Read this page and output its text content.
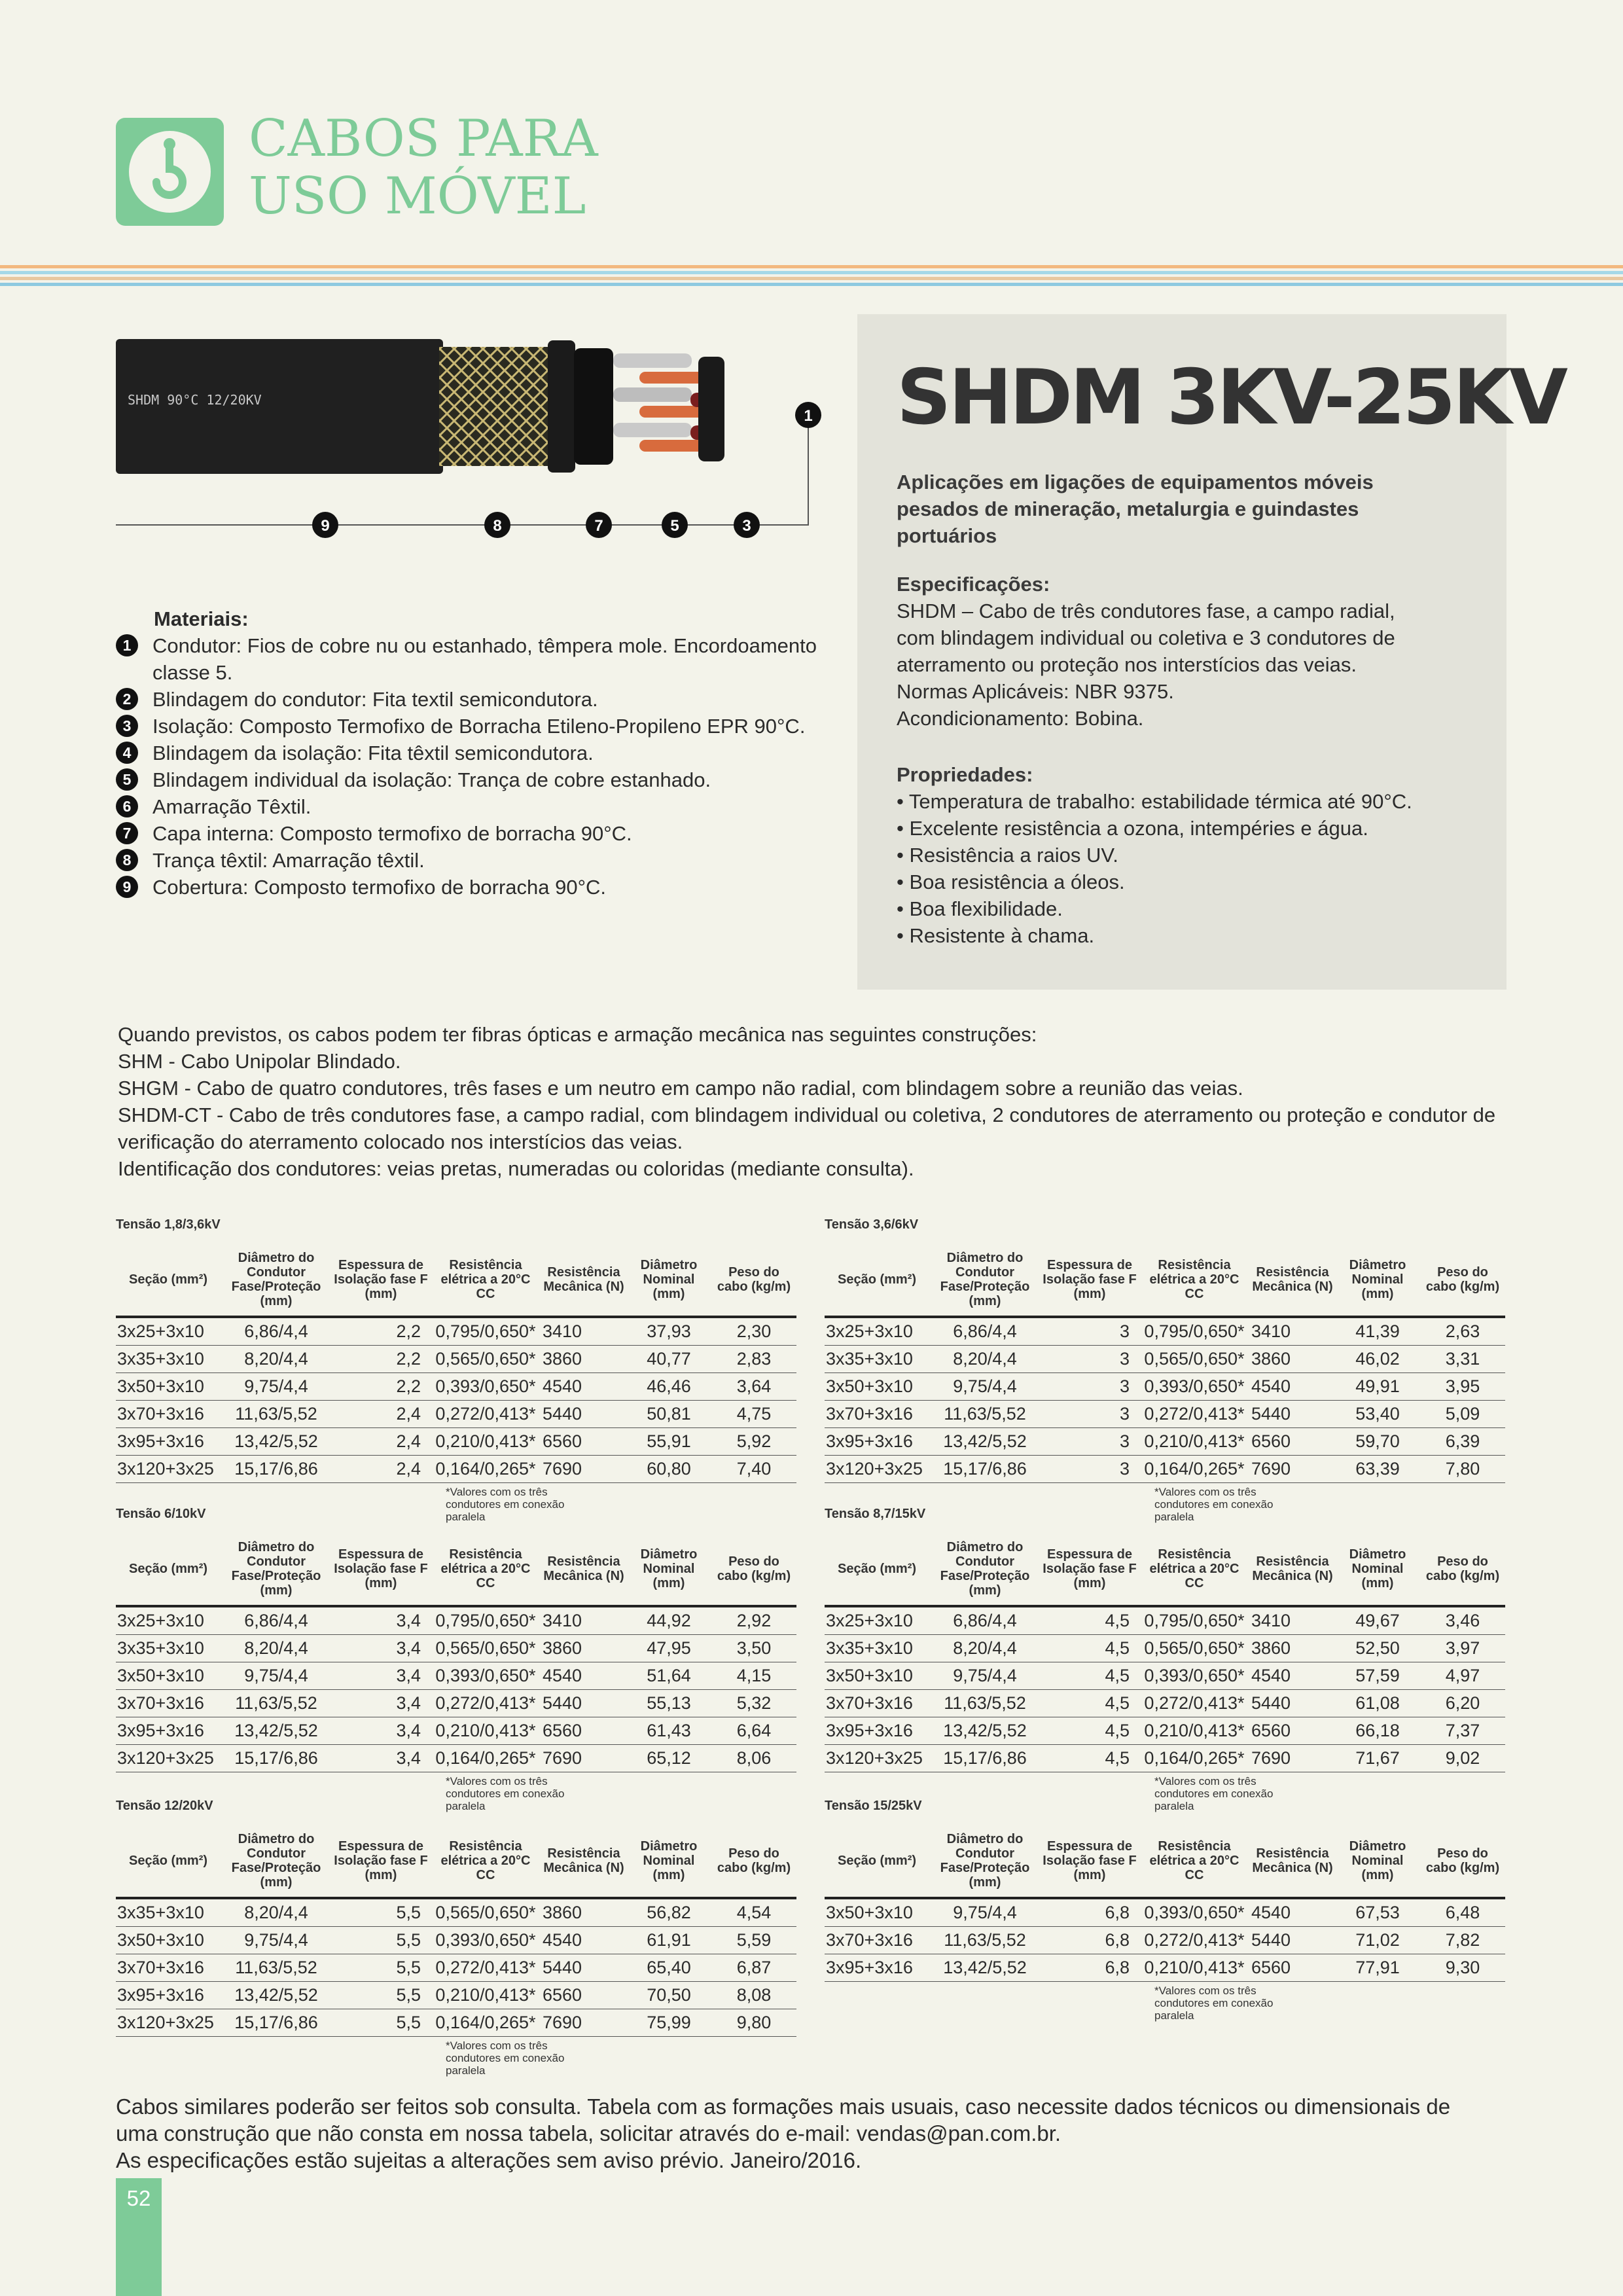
CABOS PARA
USO MÓVEL
SHDM 90°C 12/20KV
9	8	7	5	3
1 SHDM 3KV-25KV
Aplicações em ligações de equipamentos móveis pesados de mineração, metalurgia e guindastes portuários
Especificações:
SHDM – Cabo de três condutores fase, a campo radial,
com blindagem individual ou coletiva e 3 condutores de
aterramento ou proteção nos interstícios das veias.
Normas Aplicáveis: NBR 9375.
Acondicionamento: Bobina.
Propriedades:
• Temperatura de trabalho: estabilidade térmica até 90°C.
• Excelente resistência a ozona, intempéries e água.
• Resistência a raios UV.
• Boa resistência a óleos.
• Boa flexibilidade.
• Resistente à chama.
Materiais:
1	Condutor: Fios de cobre nu ou estanhado, têmpera mole. Encordoamento classe 5.
2	Blindagem do condutor: Fita textil semicondutora.
3	Isolação: Composto Termofixo de Borracha Etileno-Propileno EPR 90°C.
4	Blindagem da isolação: Fita têxtil semicondutora.
5	Blindagem individual da isolação: Trança de cobre estanhado.
6	Amarração Têxtil.
7	Capa interna: Composto termofixo de borracha 90°C.
8	Trança têxtil: Amarração têxtil.
9	Cobertura: Composto termofixo de borracha 90°C.
Quando previstos, os cabos podem ter fibras ópticas e armação mecânica nas seguintes construções:
SHM - Cabo Unipolar Blindado.
SHGM - Cabo de quatro condutores, três fases e um neutro em campo não radial, com blindagem sobre a reunião das veias.
SHDM-CT - Cabo de três condutores fase, a campo radial, com blindagem individual ou coletiva, 2 condutores de aterramento ou proteção e condutor de verificação do aterramento colocado nos interstícios das veias.
Identificação dos condutores: veias pretas, numeradas ou coloridas (mediante consulta).
Tensão 1,8/3,6kV
Seção (mm²)	Diâmetro do Condutor Fase/Proteção (mm)	Espessura de Isolação fase F (mm)	Resistência elétrica a 20°C CC	Resistência Mecânica (N)	Diâmetro Nominal (mm)	Peso do cabo (kg/m)
3x25+3x10	6,86/4,4	2,2	0,795/0,650*	3410	37,93	2,30
3x35+3x10	8,20/4,4	2,2	0,565/0,650*	3860	40,77	2,83
3x50+3x10	9,75/4,4	2,2	0,393/0,650*	4540	46,46	3,64
3x70+3x16	11,63/5,52	2,4	0,272/0,413*	5440	50,81	4,75
3x95+3x16	13,42/5,52	2,4	0,210/0,413*	6560	55,91	5,92
3x120+3x25	15,17/6,86	2,4	0,164/0,265*	7690	60,80	7,40
*Valores com os três condutores em conexão paralela
Tensão 3,6/6kV
Seção (mm²)	Diâmetro do Condutor Fase/Proteção (mm)	Espessura de Isolação fase F (mm)	Resistência elétrica a 20°C CC	Resistência Mecânica (N)	Diâmetro Nominal (mm)	Peso do cabo (kg/m)
3x25+3x10	6,86/4,4	3	0,795/0,650*	3410	41,39	2,63
3x35+3x10	8,20/4,4	3	0,565/0,650*	3860	46,02	3,31
3x50+3x10	9,75/4,4	3	0,393/0,650*	4540	49,91	3,95
3x70+3x16	11,63/5,52	3	0,272/0,413*	5440	53,40	5,09
3x95+3x16	13,42/5,52	3	0,210/0,413*	6560	59,70	6,39
3x120+3x25	15,17/6,86	3	0,164/0,265*	7690	63,39	7,80
*Valores com os três condutores em conexão paralela
Tensão 6/10kV
Seção (mm²)	Diâmetro do Condutor Fase/Proteção (mm)	Espessura de Isolação fase F (mm)	Resistência elétrica a 20°C CC	Resistência Mecânica (N)	Diâmetro Nominal (mm)	Peso do cabo (kg/m)
3x25+3x10	6,86/4,4	3,4	0,795/0,650*	3410	44,92	2,92
3x35+3x10	8,20/4,4	3,4	0,565/0,650*	3860	47,95	3,50
3x50+3x10	9,75/4,4	3,4	0,393/0,650*	4540	51,64	4,15
3x70+3x16	11,63/5,52	3,4	0,272/0,413*	5440	55,13	5,32
3x95+3x16	13,42/5,52	3,4	0,210/0,413*	6560	61,43	6,64
3x120+3x25	15,17/6,86	3,4	0,164/0,265*	7690	65,12	8,06
*Valores com os três condutores em conexão paralela
Tensão 8,7/15kV
Seção (mm²)	Diâmetro do Condutor Fase/Proteção (mm)	Espessura de Isolação fase F (mm)	Resistência elétrica a 20°C CC	Resistência Mecânica (N)	Diâmetro Nominal (mm)	Peso do cabo (kg/m)
3x25+3x10	6,86/4,4	4,5	0,795/0,650*	3410	49,67	3,46
3x35+3x10	8,20/4,4	4,5	0,565/0,650*	3860	52,50	3,97
3x50+3x10	9,75/4,4	4,5	0,393/0,650*	4540	57,59	4,97
3x70+3x16	11,63/5,52	4,5	0,272/0,413*	5440	61,08	6,20
3x95+3x16	13,42/5,52	4,5	0,210/0,413*	6560	66,18	7,37
3x120+3x25	15,17/6,86	4,5	0,164/0,265*	7690	71,67	9,02
*Valores com os três condutores em conexão paralela
Tensão 12/20kV
Seção (mm²)	Diâmetro do Condutor Fase/Proteção (mm)	Espessura de Isolação fase F (mm)	Resistência elétrica a 20°C CC	Resistência Mecânica (N)	Diâmetro Nominal (mm)	Peso do cabo (kg/m)
3x35+3x10	8,20/4,4	5,5	0,565/0,650*	3860	56,82	4,54
3x50+3x10	9,75/4,4	5,5	0,393/0,650*	4540	61,91	5,59
3x70+3x16	11,63/5,52	5,5	0,272/0,413*	5440	65,40	6,87
3x95+3x16	13,42/5,52	5,5	0,210/0,413*	6560	70,50	8,08
3x120+3x25	15,17/6,86	5,5	0,164/0,265*	7690	75,99	9,80
*Valores com os três condutores em conexão paralela
Tensão 15/25kV
Seção (mm²)	Diâmetro do Condutor Fase/Proteção (mm)	Espessura de Isolação fase F (mm)	Resistência elétrica a 20°C CC	Resistência Mecânica (N)	Diâmetro Nominal (mm)	Peso do cabo (kg/m)
3x50+3x10	9,75/4,4	6,8	0,393/0,650*	4540	67,53	6,48
3x70+3x16	11,63/5,52	6,8	0,272/0,413*	5440	71,02	7,82
3x95+3x16	13,42/5,52	6,8	0,210/0,413*	6560	77,91	9,30
*Valores com os três condutores em conexão paralela
Cabos similares poderão ser feitos sob consulta. Tabela com as formações mais usuais, caso necessite dados técnicos ou dimensionais de
uma construção que não consta em nossa tabela, solicitar através do e-mail: vendas@pan.com.br.
As especificações estão sujeitas a alterações sem aviso prévio. Janeiro/2016.
52
